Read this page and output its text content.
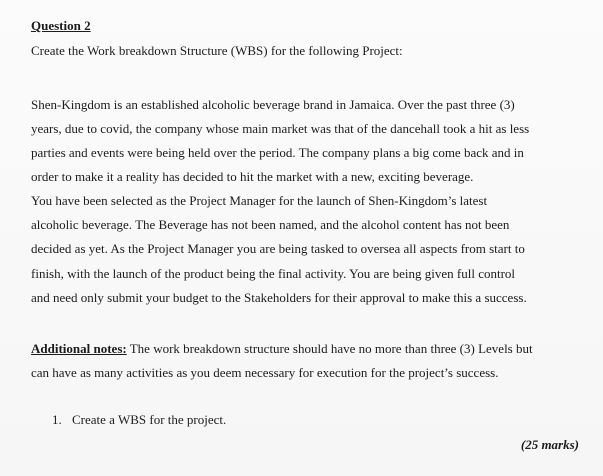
Question 2
Create the Work breakdown Structure (WBS) for the following Project:
Shen-Kingdom is an established alcoholic beverage brand in Jamaica. Over the past three (3)
years, due to covid, the company whose main market was that of the dancehall took a hit as less
parties and events were being held over the period. The company plans a big come back and in
order to make it a reality has decided to hit the market with a new, exciting beverage.
You have been selected as the Project Manager for the launch of Shen-Kingdom’s latest
alcoholic beverage. The Beverage has not been named, and the alcohol content has not been
decided as yet. As the Project Manager you are being tasked to oversea all aspects from start to
finish, with the launch of the product being the final activity. You are being given full control
and need only submit your budget to the Stakeholders for their approval to make this a success.
Additional notes: The work breakdown structure should have no more than three (3) Levels but
can have as many activities as you deem necessary for execution for the project’s success.
1. Create a WBS for the project.
(25 marks)
